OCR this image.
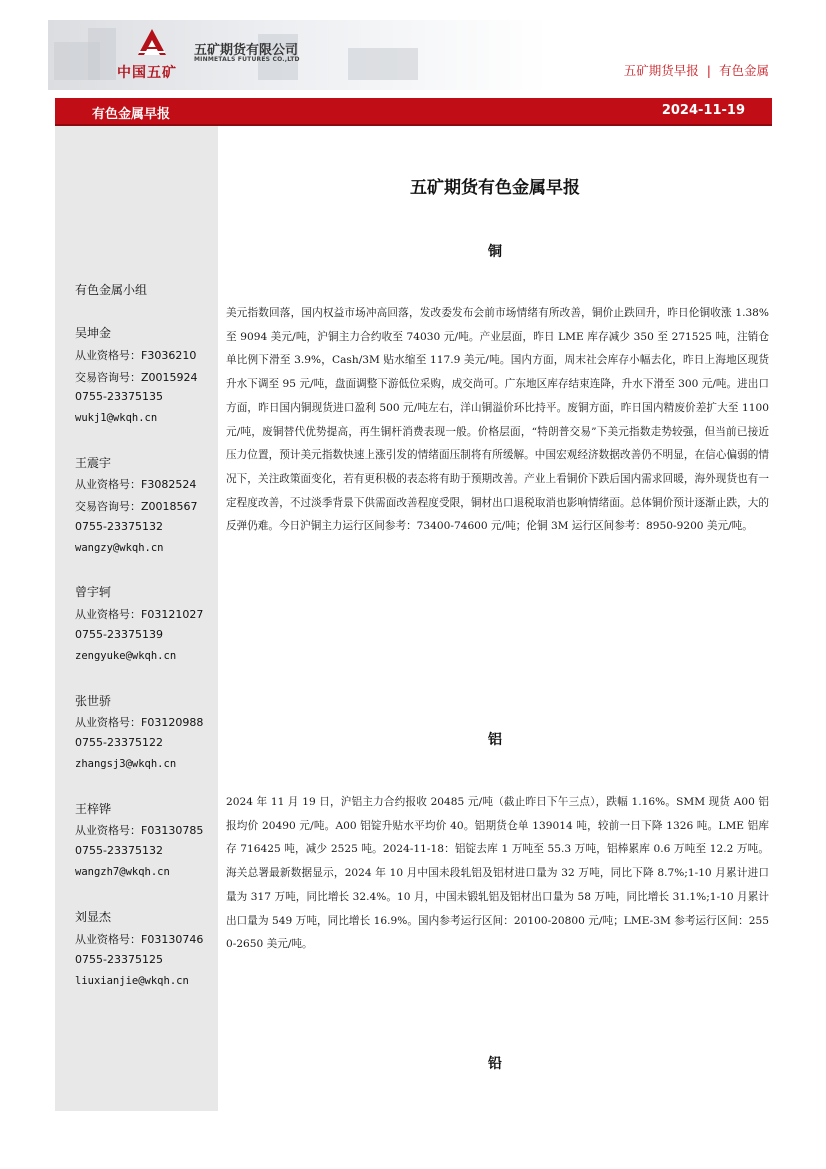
中国五矿
五矿期货有限公司
MINMETALS FUTURES CO.,LTD
五矿期货早报 | 有色金属
有色金属早报	2024-11-19
有色金属小组
吴坤金
从业资格号：F3036210
交易咨询号：Z0015924
0755-23375135
wukj1@wkqh.cn
王震宇
从业资格号：F3082524
交易咨询号：Z0018567
0755-23375132
wangzy@wkqh.cn
曾宇轲
从业资格号：F03121027
0755-23375139
zengyuke@wkqh.cn
张世骄
从业资格号：F03120988
0755-23375122
zhangsj3@wkqh.cn
王梓铧
从业资格号：F03130785
0755-23375132
wangzh7@wkqh.cn
刘显杰
从业资格号：F03130746
0755-23375125
liuxianjie@wkqh.cn
五矿期货有色金属早报
铜

美元指数回落，国内权益市场冲高回落，发改委发布会前市场情绪有所改善，铜价止跌回升，昨日伦铜收涨 1.38%至 9094 美元/吨，沪铜主力合约收至 74030 元/吨。产业层面，昨日 LME 库存减少 350 至 271525 吨，注销仓单比例下滑至 3.9%，Cash/3M 贴水缩至 117.9 美元/吨。国内方面，周末社会库存小幅去化，昨日上海地区现货升水下调至 95 元/吨，盘面调整下游低位采购，成交尚可。广东地区库存结束连降，升水下滑至 300 元/吨。进出口方面，昨日国内铜现货进口盈利 500 元/吨左右，洋山铜溢价环比持平。废铜方面，昨日国内精废价差扩大至 1100 元/吨，废铜替代优势提高，再生铜杆消费表现一般。价格层面，“特朗普交易”下美元指数走势较强，但当前已接近压力位置，预计美元指数快速上涨引发的情绪面压制将有所缓解。中国宏观经济数据改善仍不明显，在信心偏弱的情况下，关注政策面变化，若有更积极的表态将有助于预期改善。产业上看铜价下跌后国内需求回暖，海外现货也有一定程度改善，不过淡季背景下供需面改善程度受限，铜材出口退税取消也影响情绪面。总体铜价预计逐渐止跌，大的反弹仍难。今日沪铜主力运行区间参考：73400-74600 元/吨；伦铜 3M 运行区间参考：8950-9200 美元/吨。

铝

2024 年 11 月 19 日，沪铝主力合约报收 20485 元/吨（截止昨日下午三点），跌幅 1.16%。SMM 现货 A00 铝报均价 20490 元/吨。A00 铝锭升贴水平均价 40。铝期货仓单 139014 吨，较前一日下降 1326 吨。LME 铝库存 716425 吨，减少 2525 吨。2024-11-18：铝锭去库 1 万吨至 55.3 万吨，铝棒累库 0.6 万吨至 12.2 万吨。海关总署最新数据显示，2024 年 10 月中国未段轧铝及铝材进口量为 32 万吨，同比下降 8.7%;1-10 月累计进口量为 317 万吨，同比增长 32.4%。10 月，中国未锻轧铝及铝材出口量为 58 万吨，同比增长 31.1%;1-10 月累计出口量为 549 万吨，同比增长 16.9%。国内参考运行区间：20100-20800 元/吨；LME-3M 参考运行区间：2550-2650 美元/吨。

铅
